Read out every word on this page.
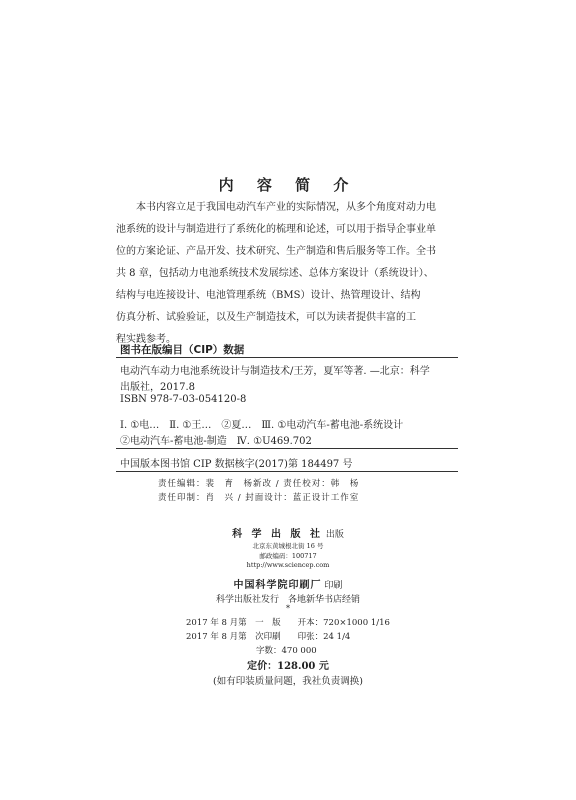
内 容 简 介
本书内容立足于我国电动汽车产业的实际情况，从多个角度对动力电
池系统的设计与制造进行了系统化的梳理和论述，可以用于指导企事业单
位的方案论证、产品开发、技术研究、生产制造和售后服务等工作。全书
共 8 章，包括动力电池系统技术发展综述、总体方案设计（系统设计）、
结构与电连接设计、电池管理系统（BMS）设计、热管理设计、结构
仿真分析、试验验证，以及生产制造技术，可以为读者提供丰富的工
程实践参考。
图书在版编目（CIP）数据
电动汽车动力电池系统设计与制造技术/王芳，夏军等著. —北京：科学
出版社，2017.8
ISBN 978-7-03-054120-8
Ⅰ. ①电…　Ⅱ. ①王…　②夏…　Ⅲ. ①电动汽车-蓄电池-系统设计
②电动汽车-蓄电池-制造　Ⅳ. ①U469.702
中国版本图书馆 CIP 数据核字(2017)第 184497 号
责任编辑：裴　育　杨新改 / 责任校对：韩　杨
责任印制：肖　兴 / 封面设计：蓝正设计工作室
科 学 出 版 社 出版
北京东黄城根北街 16 号
邮政编码：100717
http://www.sciencep.com
中国科学院印刷厂 印刷
科学出版社发行　各地新华书店经销
*
2017 年 8 月第　一　版　　开本：720×1000 1/16
2017 年 8 月第　次印刷　　印张：24 1/4
字数：470 000
定价：128.00 元
(如有印装质量问题，我社负责调换)
